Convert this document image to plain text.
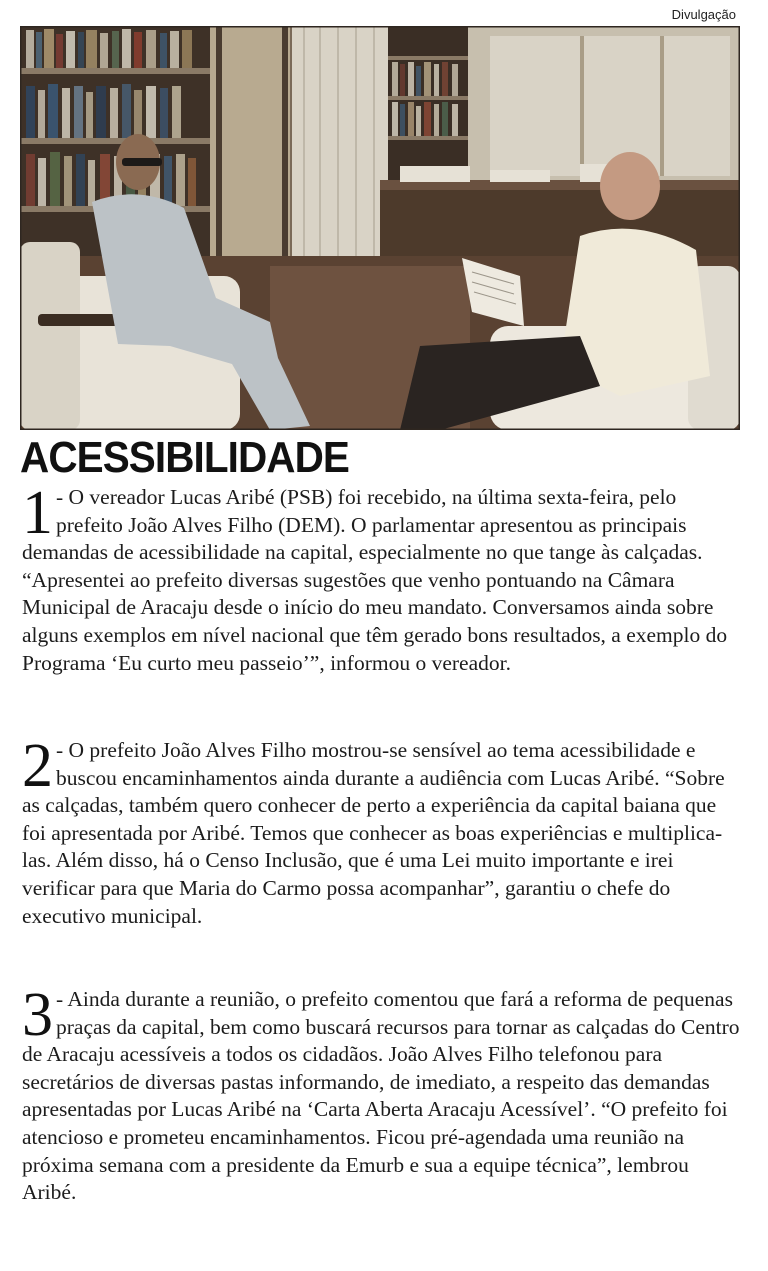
Divulgação
ACESSIBILIDADE
1 - O vereador Lucas Aribé (PSB) foi recebido, na última sexta-feira, pelo prefeito João Alves Filho (DEM). O parlamentar apresentou as principais demandas de acessibilidade na capital, especialmente no que tange às calçadas. “Apresentei ao prefeito diversas sugestões que venho pontuando na Câmara Municipal de Aracaju desde o início do meu mandato. Conversamos ainda sobre alguns exemplos em nível nacional que têm gerado bons resultados, a exemplo do Programa ‘Eu curto meu passeio’”, informou o vereador.
2 - O prefeito João Alves Filho mostrou-se sensível ao tema acessibilidade e buscou encaminhamentos ainda durante a audiência com Lucas Aribé. “Sobre as calçadas, também quero conhecer de perto a experiência da capital baiana que foi apresentada por Aribé. Temos que conhecer as boas experiências e multiplica-las. Além disso, há o Censo Inclusão, que é uma Lei muito importante e irei verificar para que Maria do Carmo possa acompanhar”, garantiu o chefe do executivo municipal.
3 - Ainda durante a reunião, o prefeito comentou que fará a reforma de pequenas praças da capital, bem como buscará recursos para tornar as calçadas do Centro de Aracaju acessíveis a todos os cidadãos. João Alves Filho telefonou para secretários de diversas pastas informando, de imediato, a respeito das demandas apresentadas por Lucas Aribé na ‘Carta Aberta Aracaju Acessível’. “O prefeito foi atencioso e prometeu encaminhamentos. Ficou pré-agendada uma reunião na próxima semana com a presidente da Emurb e sua a equipe técnica”, lembrou Aribé.
